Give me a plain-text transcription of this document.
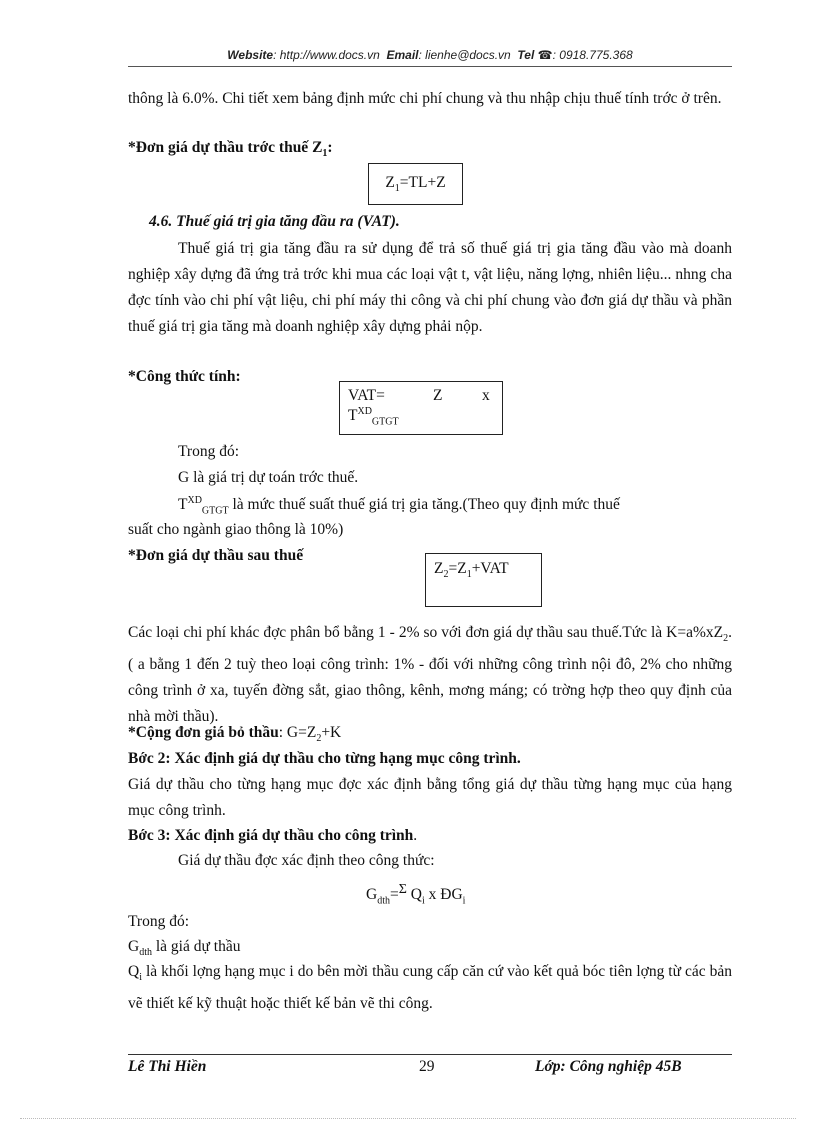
Website: http://www.docs.vn Email: lienhe@docs.vn Tel ☎: 0918.775.368
thông là 6.0%. Chi tiết xem bảng định mức chi phí chung và thu nhập chịu thuế tính trớc ở trên.
*Đơn giá dự thầu trớc thuế $Z_1$:
$Z_1=TL+Z$
4.6. Thuế giá trị gia tăng đầu ra (VAT).
Thuế giá trị gia tăng đầu ra sử dụng để trả số thuế giá trị gia tăng đầu vào mà doanh nghiệp xây dựng đã ứng trả trớc khi mua các loại vật t, vật liệu, năng lợng, nhiên liệu... nhng cha đợc tính vào chi phí vật liệu, chi phí máy thi công và chi phí chung vào đơn giá dự thầu và phần thuế giá trị gia tăng mà doanh nghiệp xây dựng phải nộp.
*Công thức tính:
VAT=	Z	x
$T^{XD}_{GTGT}$
Trong đó:
G là giá trị dự toán trớc thuế.
$T^{XD}_{GTGT}$ là mức thuế suất thuế giá trị gia tăng.(Theo quy định mức thuế
suất cho ngành giao thông là 10%)
*Đơn giá dự thầu sau thuế
$Z_2=Z_1+VAT$
Các loại chi phí khác đợc phân bổ bằng 1 - 2% so với đơn giá dự thầu sau thuế.Tức là $K=a\%xZ_2$. ( a bằng 1 đến 2 tuỳ theo loại công trình: 1% - đối với những công trình nội đô, 2% cho những công trình ở xa, tuyến đờng sắt, giao thông, kênh, mơng máng; có trờng hợp theo quy định của nhà mời thầu).
*Cộng đơn giá bỏ thầu: $G=Z_2+K$
Bớc 2: Xác định giá dự thầu cho từng hạng mục công trình.
Giá dự thầu cho từng hạng mục đợc xác định bằng tổng giá dự thầu từng hạng mục của hạng mục công trình.
Bớc 3: Xác định giá dự thầu cho công trình.
Giá dự thầu đợc xác định theo công thức:
$G_{dth}=^\Sigma$ $Q_i$ x $ĐG_i$
Trong đó:
$G_{dth}$ là giá dự thầu
$Q_i$ là khối lợng hạng mục i do bên mời thầu cung cấp căn cứ vào kết quả bóc tiên lợng từ các bản vẽ thiết kế kỹ thuật hoặc thiết kế bản vẽ thi công.
Lê Thi Hiền	29	Lớp: Công nghiệp 45B
